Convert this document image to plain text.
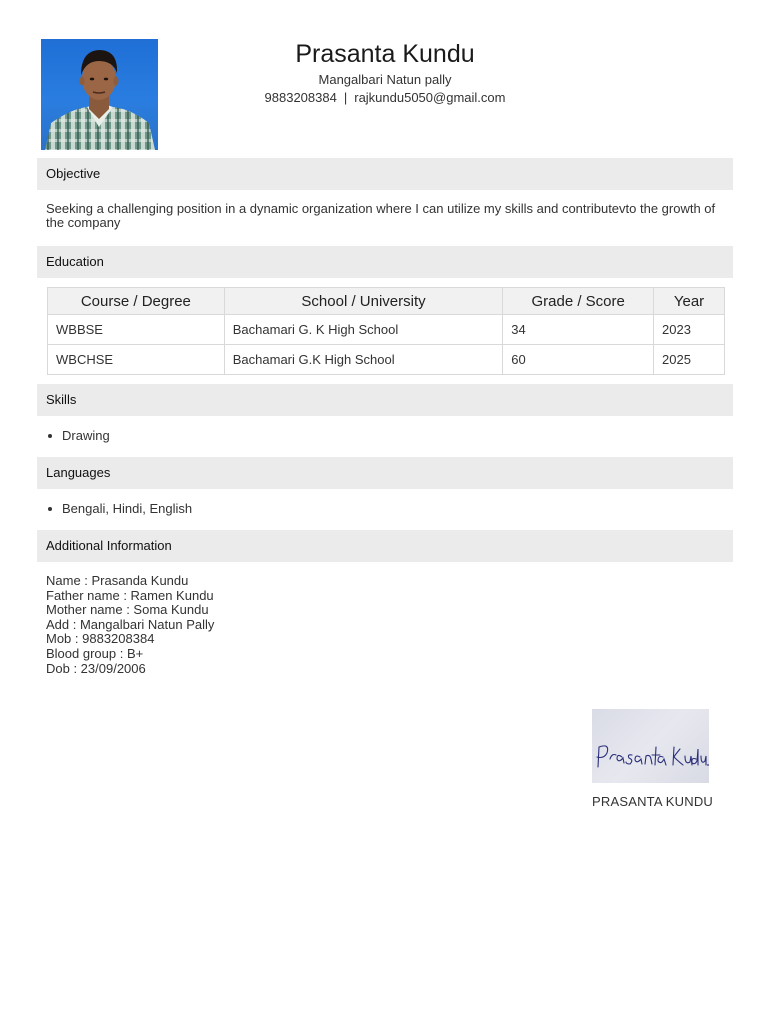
Prasanta Kundu
Mangalbari Natun pally
9883208384 | rajkundu5050@gmail.com
Objective
Seeking a challenging position in a dynamic organization where I can utilize my skills and contributevto the growth of the company
Education
Course / Degree	School / University	Grade / Score	Year
WBBSE	Bachamari G. K High School	34	2023
WBCHSE	Bachamari G.K High School	60	2025
Skills
Drawing
Languages
Bengali, Hindi, English
Additional Information
Name : Prasanda Kundu
Father name : Ramen Kundu
Mother name : Soma Kundu
Add : Mangalbari Natun Pally
Mob : 9883208384
Blood group : B+
Dob : 23/09/2006
PRASANTA KUNDU
